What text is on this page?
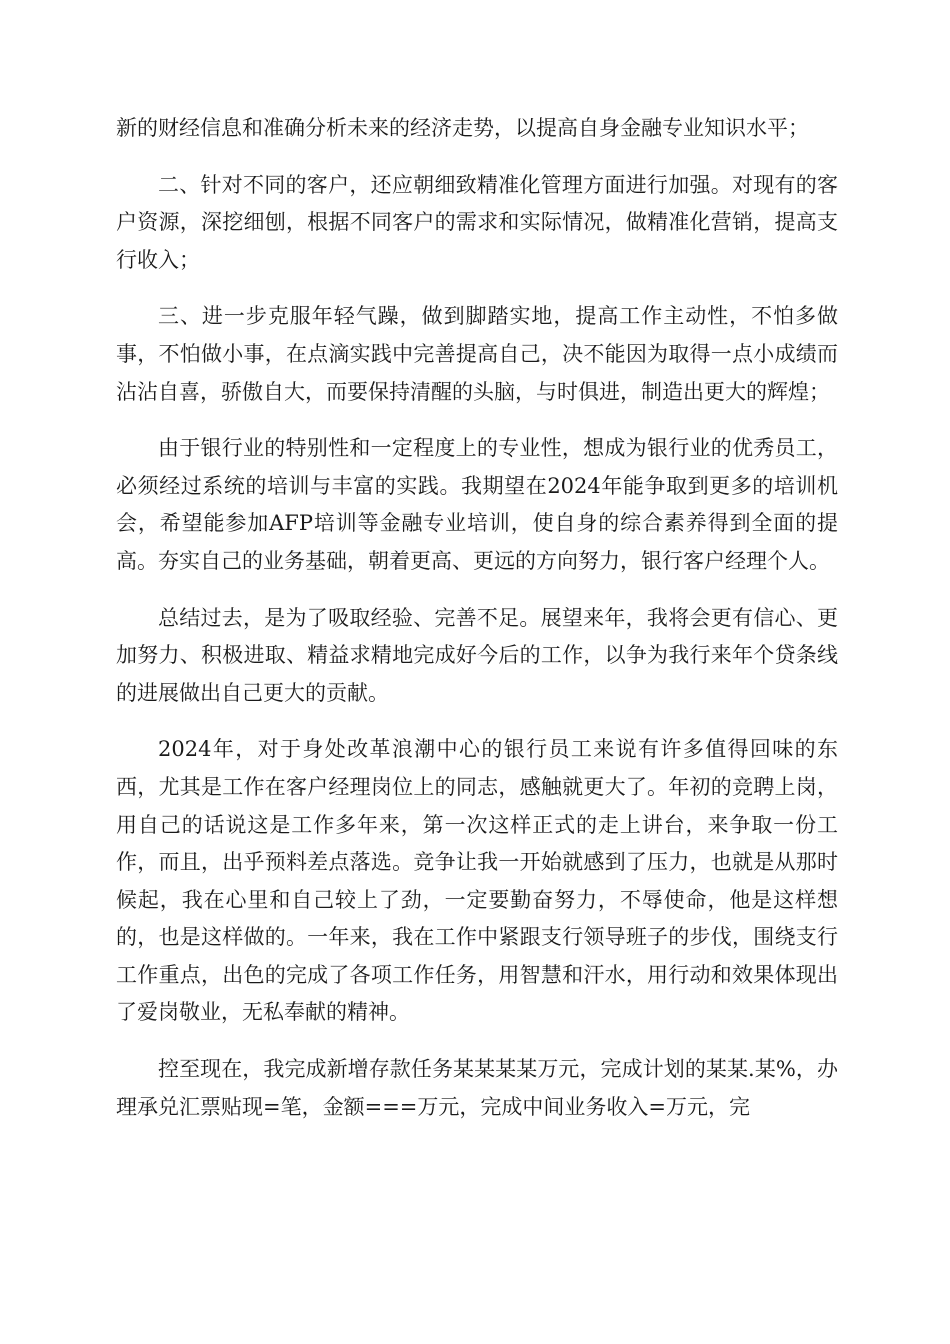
新的财经信息和准确分析未来的经济走势，以提高自身金融专业知识水平；

二、针对不同的客户，还应朝细致精准化管理方面进行加强。对现有的客户资源，深挖细刨，根据不同客户的需求和实际情况，做精准化营销，提高支行收入；

三、进一步克服年轻气躁，做到脚踏实地，提高工作主动性，不怕多做事，不怕做小事，在点滴实践中完善提高自己，决不能因为取得一点小成绩而沾沾自喜，骄傲自大，而要保持清醒的头脑，与时俱进，制造出更大的辉煌；

由于银行业的特别性和一定程度上的专业性，想成为银行业的优秀员工，必须经过系统的培训与丰富的实践。我期望在2024年能争取到更多的培训机会，希望能参加AFP培训等金融专业培训，使自身的综合素养得到全面的提高。夯实自己的业务基础，朝着更高、更远的方向努力，银行客户经理个人。

总结过去，是为了吸取经验、完善不足。展望来年，我将会更有信心、更加努力、积极进取、精益求精地完成好今后的工作，以争为我行来年个贷条线的进展做出自己更大的贡献。

2024年，对于身处改革浪潮中心的银行员工来说有许多值得回味的东西，尤其是工作在客户经理岗位上的同志，感触就更大了。年初的竞聘上岗，用自己的话说这是工作多年来，第一次这样正式的走上讲台，来争取一份工作，而且，出乎预料差点落选。竞争让我一开始就感到了压力，也就是从那时候起，我在心里和自己较上了劲，一定要勤奋努力，不辱使命，他是这样想的，也是这样做的。一年来，我在工作中紧跟支行领导班子的步伐，围绕支行工作重点，出色的完成了各项工作任务，用智慧和汗水，用行动和效果体现出了爱岗敬业，无私奉献的精神。

控至现在，我完成新增存款任务某某某某万元，完成计划的某某.某%，办理承兑汇票贴现=笔，金额===万元，完成中间业务收入=万元，完
